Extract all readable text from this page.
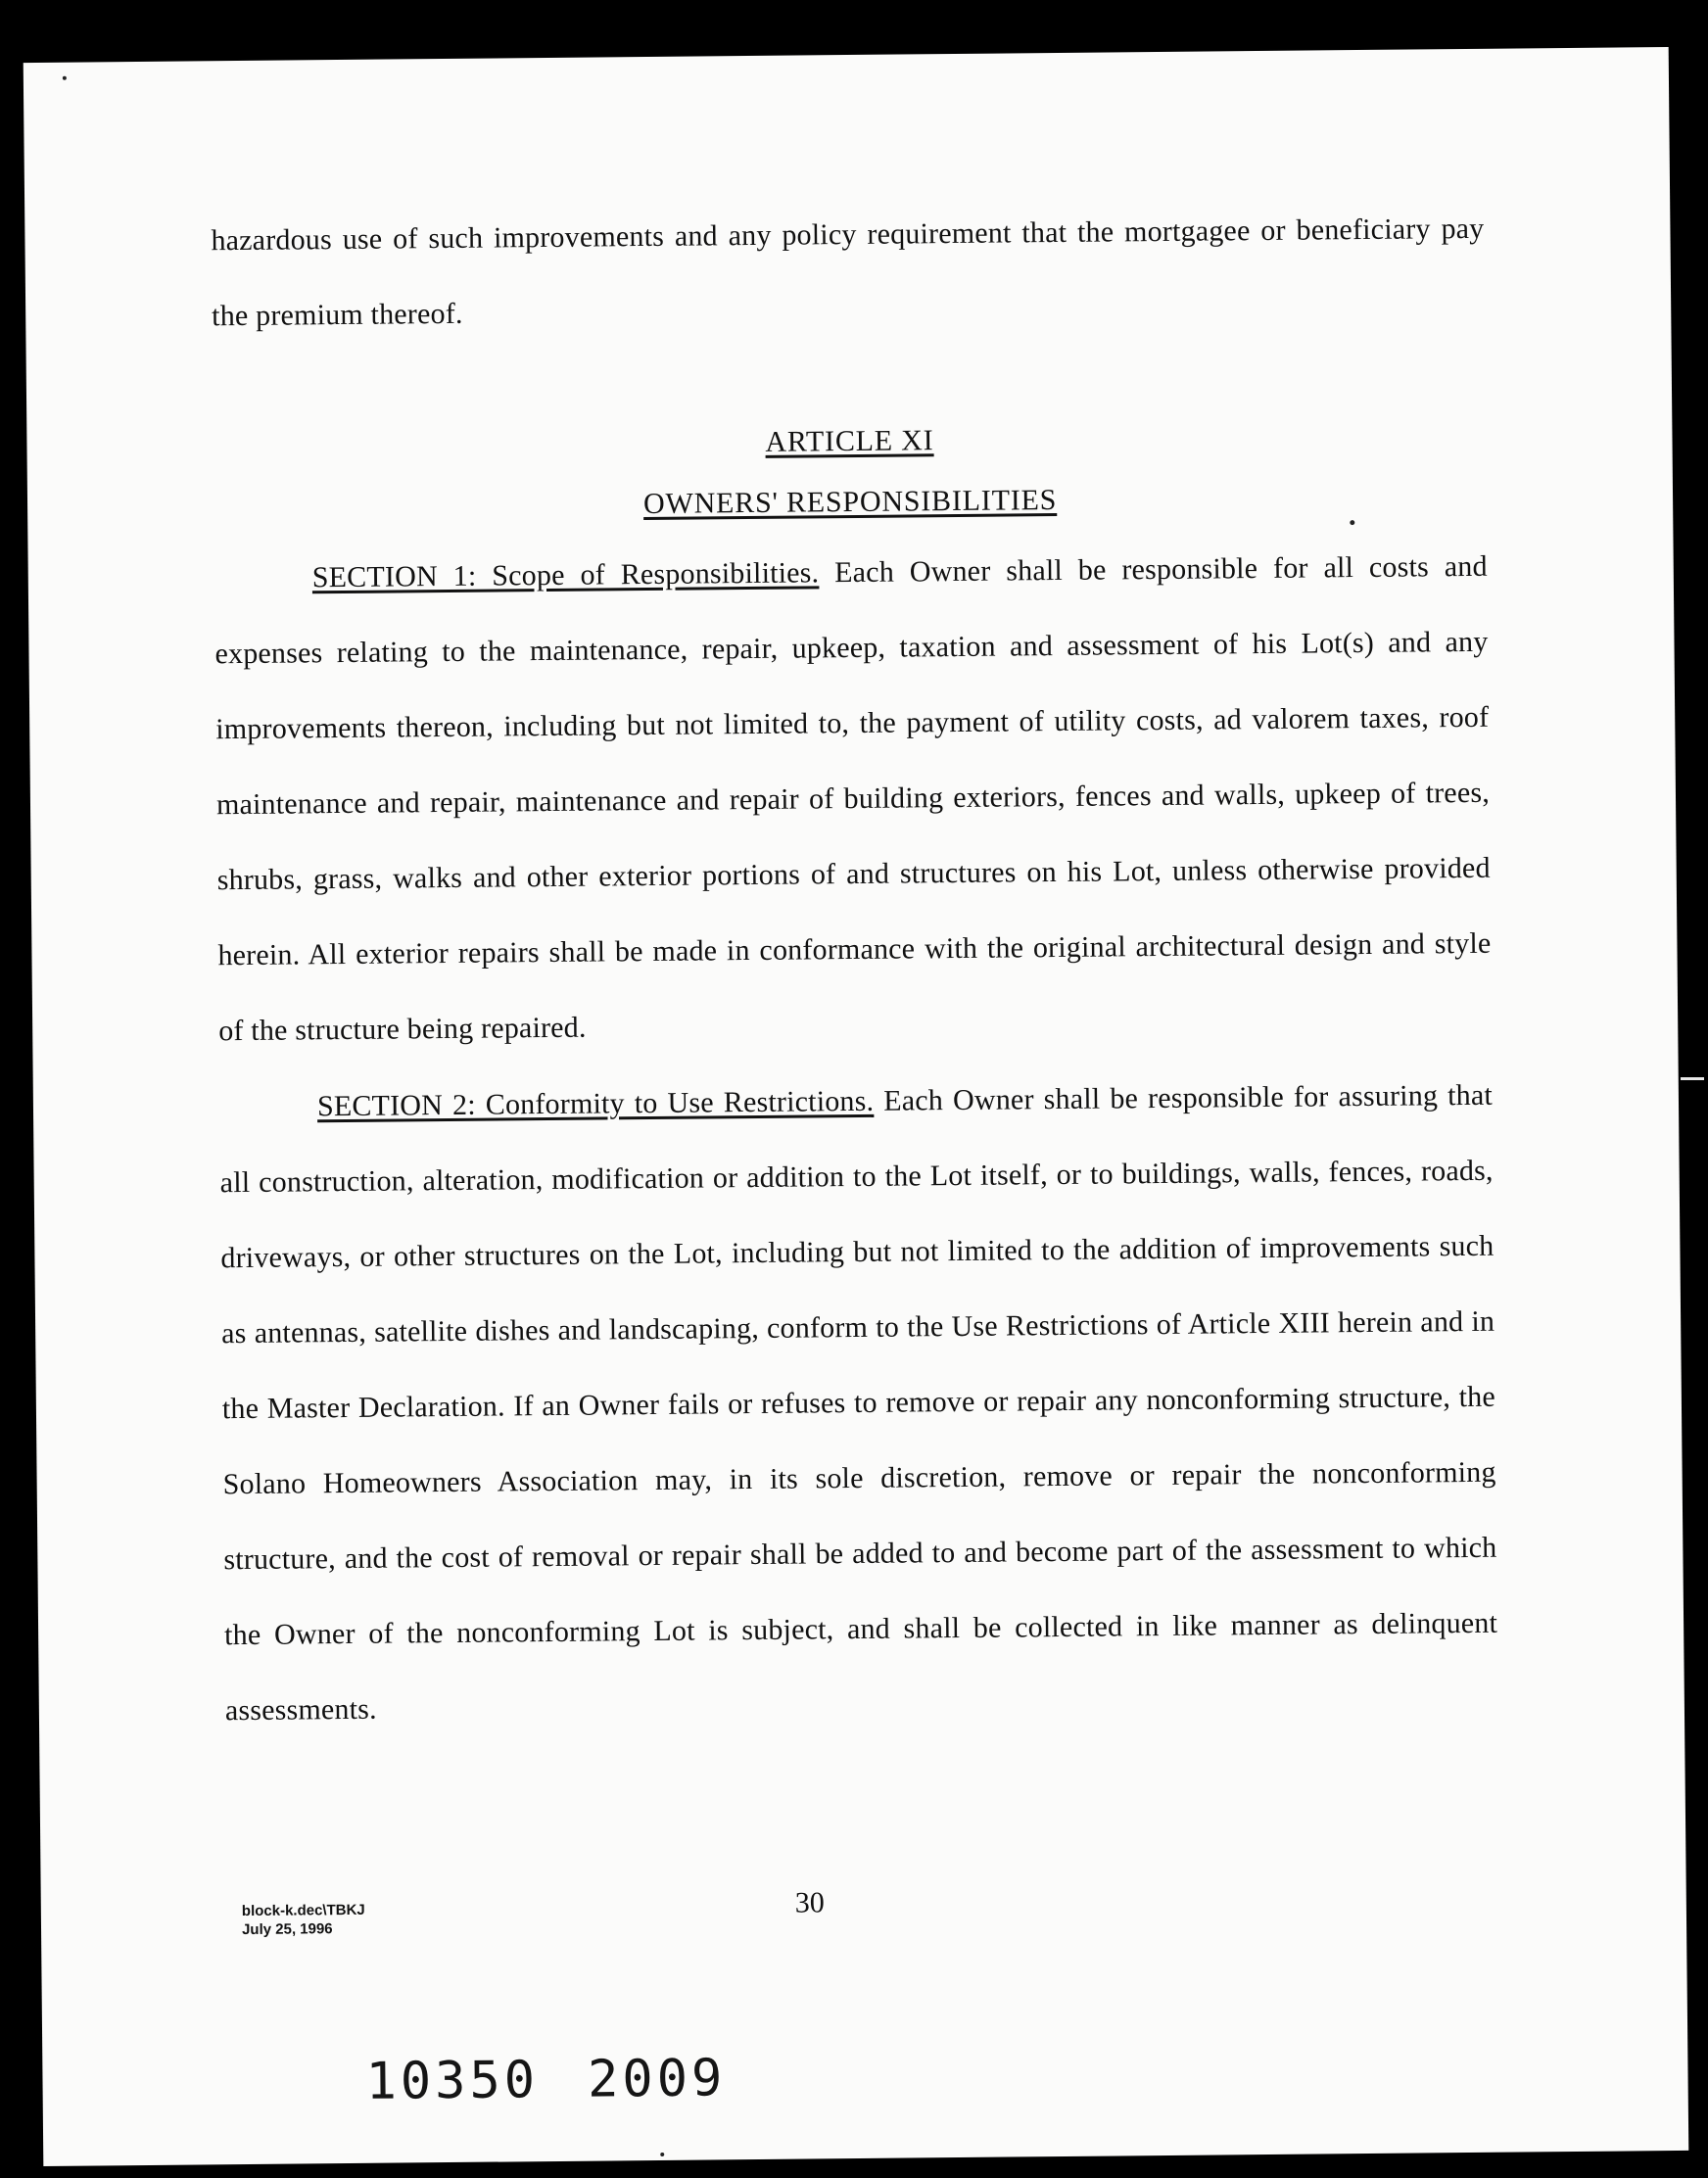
hazardous use of such improvements and any policy requirement that the mortgagee or beneficiary pay the premium thereof.

ARTICLE XI
OWNERS' RESPONSIBILITIES

SECTION 1: Scope of Responsibilities. Each Owner shall be responsible for all costs and expenses relating to the maintenance, repair, upkeep, taxation and assessment of his Lot(s) and any improvements thereon, including but not limited to, the payment of utility costs, ad valorem taxes, roof maintenance and repair, maintenance and repair of building exteriors, fences and walls, upkeep of trees, shrubs, grass, walks and other exterior portions of and structures on his Lot, unless otherwise provided herein. All exterior repairs shall be made in conformance with the original architectural design and style of the structure being repaired.

SECTION 2: Conformity to Use Restrictions. Each Owner shall be responsible for assuring that all construction, alteration, modification or addition to the Lot itself, or to buildings, walls, fences, roads, driveways, or other structures on the Lot, including but not limited to the addition of improvements such as antennas, satellite dishes and landscaping, conform to the Use Restrictions of Article XIII herein and in the Master Declaration. If an Owner fails or refuses to remove or repair any nonconforming structure, the Solano Homeowners Association may, in its sole discretion, remove or repair the nonconforming structure, and the cost of removal or repair shall be added to and become part of the assessment to which the Owner of the nonconforming Lot is subject, and shall be collected in like manner as delinquent assessments.

block-k.dec\TBKJ
July 25, 1996
30
10350 2009
